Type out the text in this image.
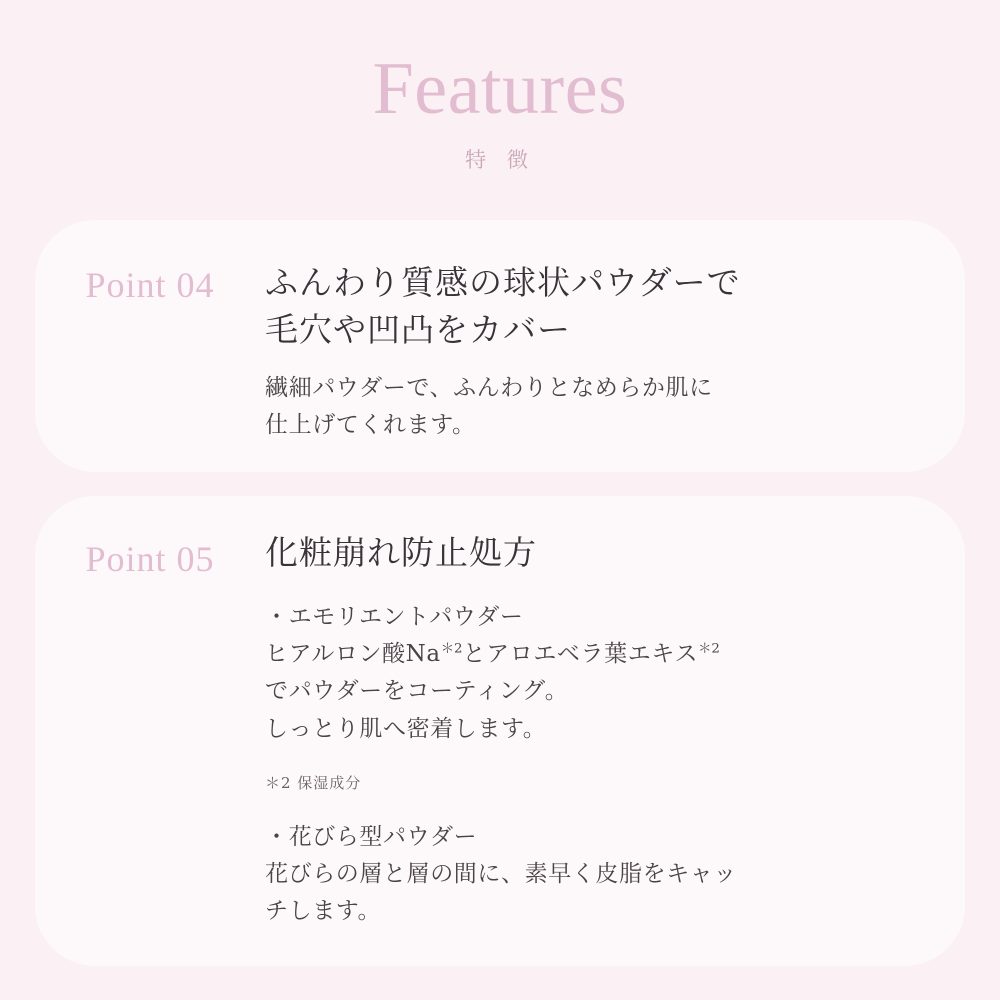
Features
特 徴
Point 04	ふんわり質感の球状パウダーで
毛穴や凹凸をカバー
繊細パウダーで、ふんわりとなめらか肌に
仕上げてくれます。
Point 05	化粧崩れ防止処方
・エモリエントパウダー
ヒアルロン酸$Na^{*2}$とアロエベラ葉エキス$^{*2}$
でパウダーをコーティング。
しっとり肌へ密着します。
＊2 保湿成分
・花びら型パウダー
花びらの層と層の間に、素早く皮脂をキャッ
チします。
